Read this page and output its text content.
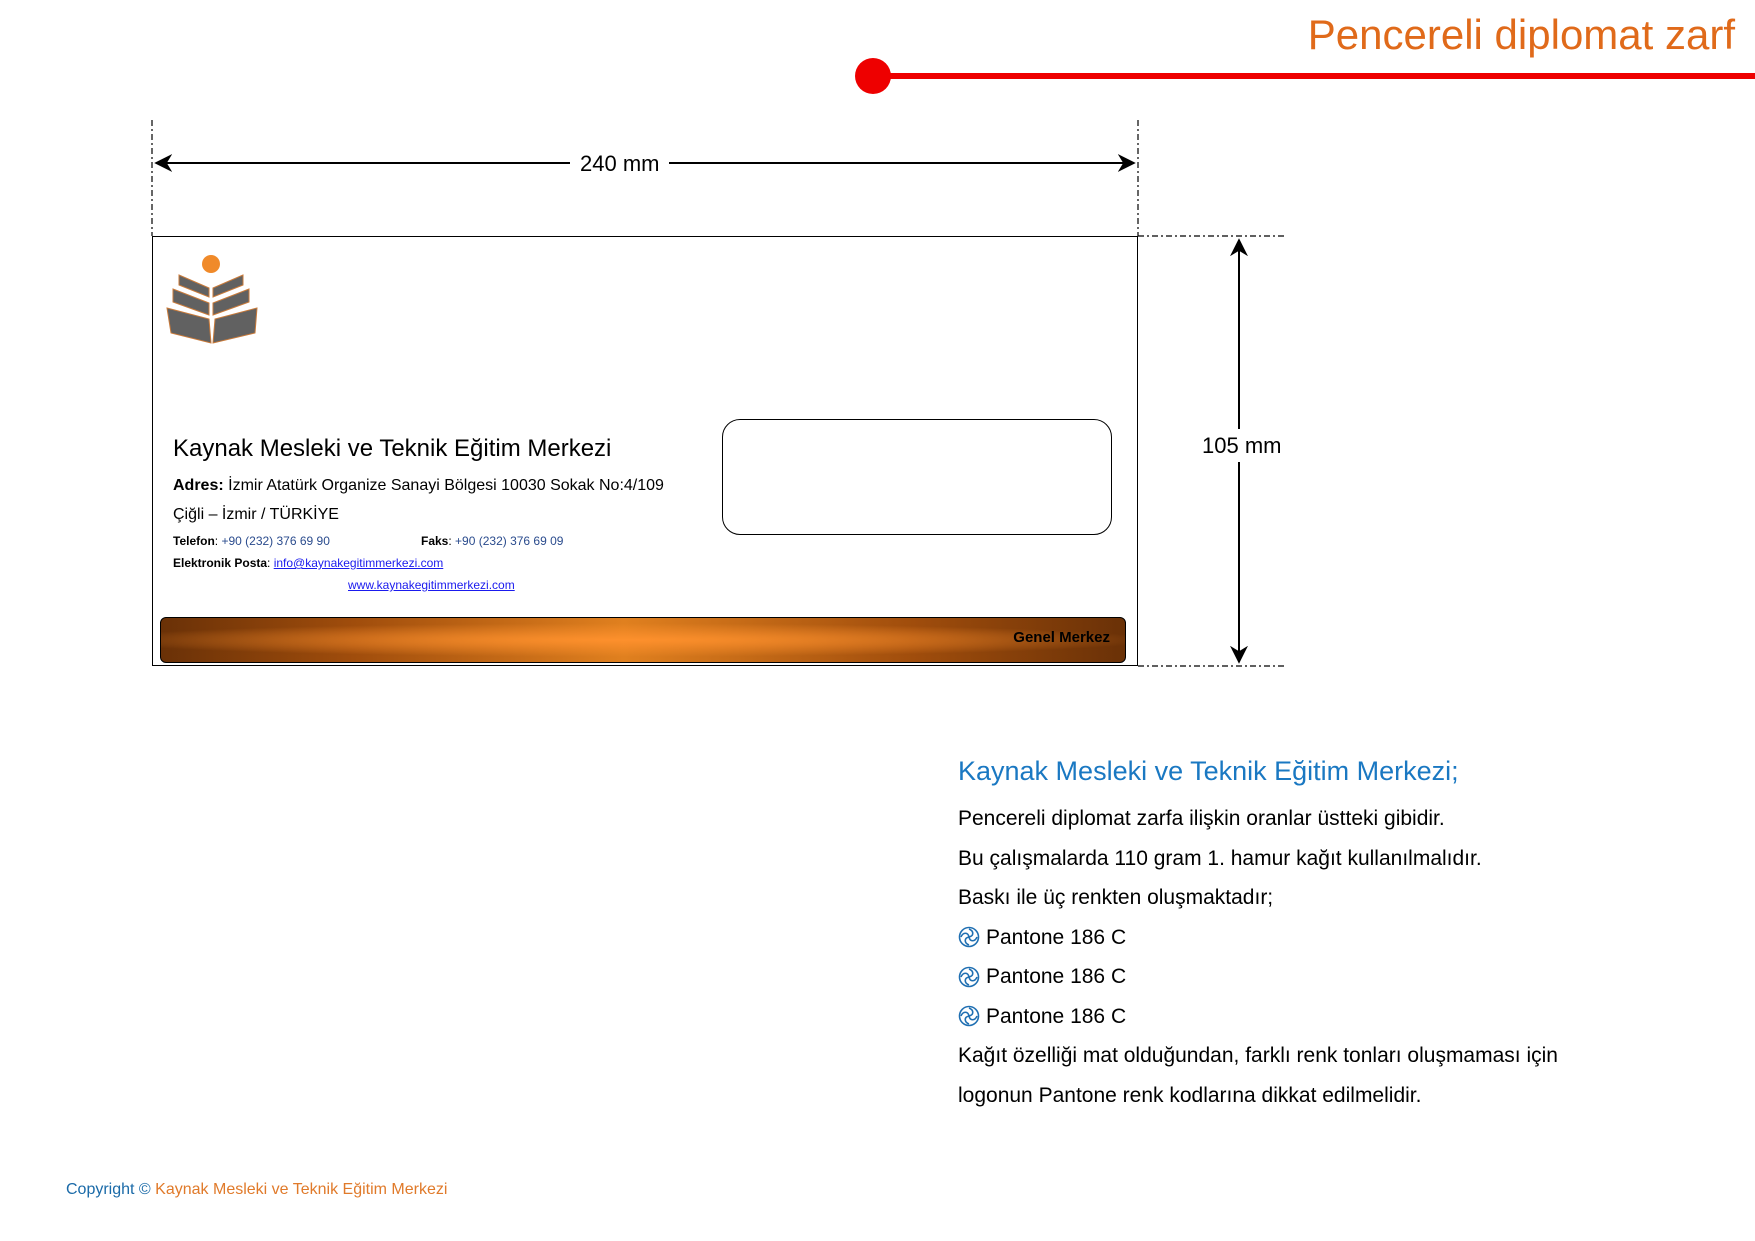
Pencereli diplomat zarf
240 mm
105 mm
Kaynak Mesleki ve Teknik Eğitim Merkezi
Adres: İzmir Atatürk Organize Sanayi Bölgesi 10030 Sokak No:4/109
Çiğli – İzmir / TÜRKİYE
Telefon: +90 (232) 376 69 90	Faks: +90 (232) 376 69 09
Elektronik Posta: info@kaynakegitimmerkezi.com
www.kaynakegitimmerkezi.com
Genel Merkez
Kaynak Mesleki ve Teknik Eğitim Merkezi;
Pencereli diplomat zarfa ilişkin oranlar üstteki gibidir.
Bu çalışmalarda 110 gram 1. hamur kağıt kullanılmalıdır.
Baskı ile üç renkten oluşmaktadır;
Pantone 186 C
Pantone 186 C
Pantone 186 C
Kağıt özelliği mat olduğundan, farklı renk tonları oluşmaması için
logonun Pantone renk kodlarına dikkat edilmelidir.
Copyright © Kaynak Mesleki ve Teknik Eğitim Merkezi
